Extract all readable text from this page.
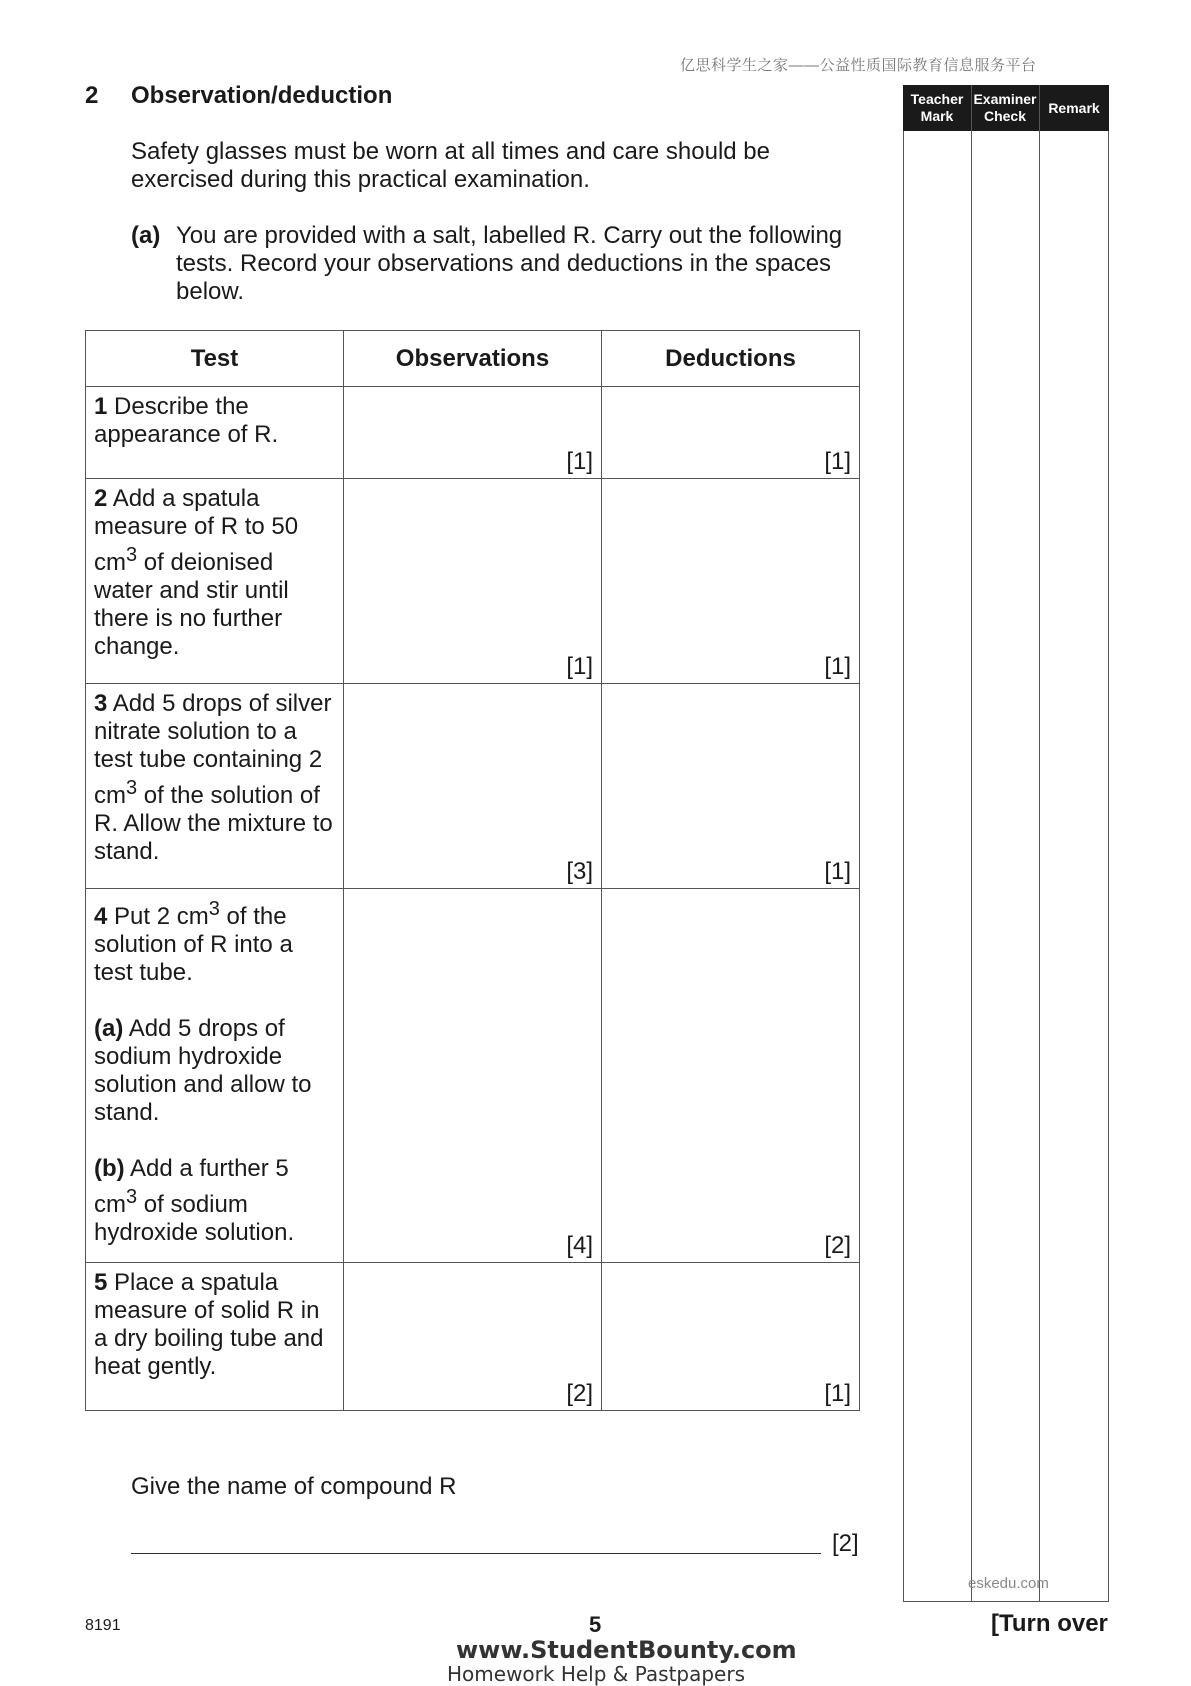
亿思科学生之家——公益性质国际教育信息服务平台
2 Observation/deduction
Safety glasses must be worn at all times and care should be exercised during this practical examination.
(a) You are provided with a salt, labelled R. Carry out the following tests. Record your observations and deductions in the spaces below.
Test	Observations	Deductions
1 Describe the appearance of R.	[1]	[1]

2 Add a spatula measure of R to 50 $cm^3$ of deionised water and stir until there is no further change.	[1]	[1]

3 Add 5 drops of silver nitrate solution to a test tube containing 2 $cm^3$ of the solution of R. Allow the mixture to stand.	[3]	[1]

4 Put 2 $cm^3$ of the solution of R into a test tube.
(a) Add 5 drops of sodium hydroxide solution and allow to stand.
(b) Add a further 5 $cm^3$ of sodium hydroxide solution.	[4]	[2]

5 Place a spatula measure of solid R in a dry boiling tube and heat gently.	[2]	[1]
Give the name of compound R
[2]
Teacher Mark
Examiner Check
Remark
eskedu.com
8191	5	[Turn over
www.StudentBounty.com
Homework Help & Pastpapers
